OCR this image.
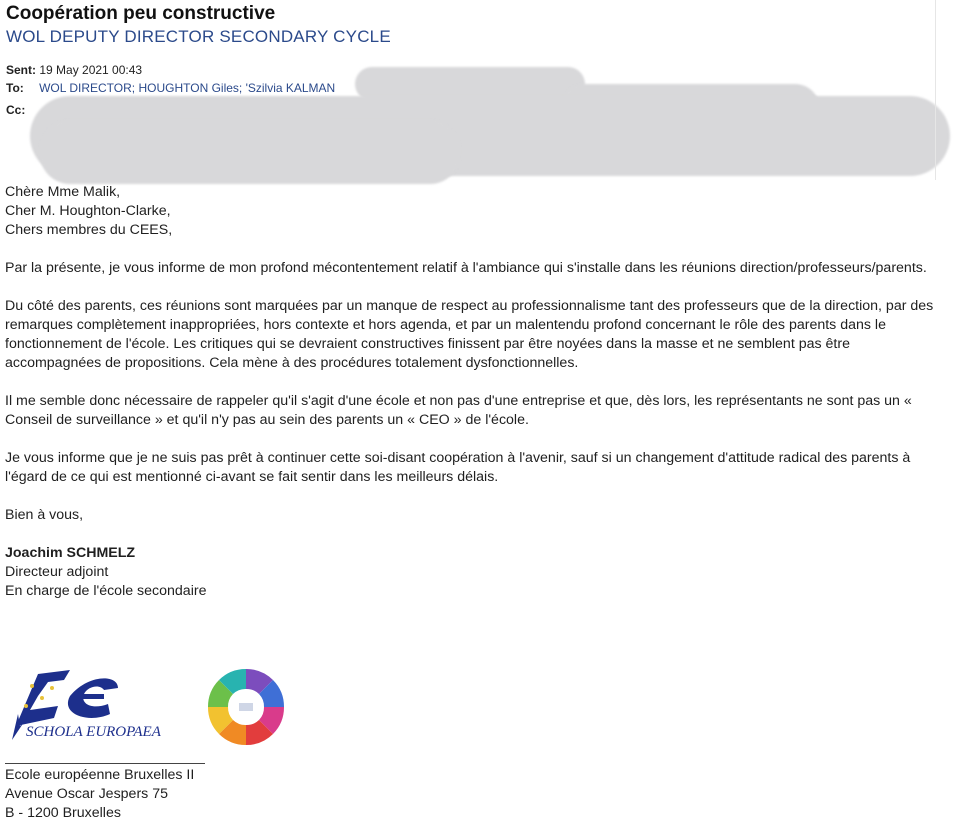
Coopération peu constructive
WOL DEPUTY DIRECTOR SECONDARY CYCLE
Sent: 19 May 2021 00:43
To: WOL DIRECTOR; HOUGHTON Giles; 'Szilvia KALMAN
Cc:

Chère Mme Malik,

Cher M. Houghton-Clarke,

Chers membres du CEES,

Par la présente, je vous informe de mon profond mécontentement relatif à l'ambiance qui s'installe dans les réunions direction/professeurs/parents.

Du côté des parents, ces réunions sont marquées par un manque de respect au professionnalisme tant des professeurs que de la direction, par des remarques complètement inappropriées, hors contexte et hors agenda, et par un malentendu profond concernant le rôle des parents dans le fonctionnement de l'école. Les critiques qui se devraient constructives finissent par être noyées dans la masse et ne semblent pas être accompagnées de propositions. Cela mène à des procédures totalement dysfonctionnelles.

Il me semble donc nécessaire de rappeler qu'il s'agit d'une école et non pas d'une entreprise et que, dès lors, les représentants ne sont pas un « Conseil de surveillance » et qu'il n'y pas au sein des parents un « CEO » de l'école.

Je vous informe que je ne suis pas prêt à continuer cette soi-disant coopération à l'avenir, sauf si un changement d'attitude radical des parents à l'égard de ce qui est mentionné ci-avant se fait sentir dans les meilleurs délais.

Bien à vous,

Joachim SCHMELZ

Directeur adjoint

En charge de l'école secondaire

SCHOLA EUROPAEA
Ecole européenne Bruxelles II
Avenue Oscar Jespers 75
B - 1200 Bruxelles
